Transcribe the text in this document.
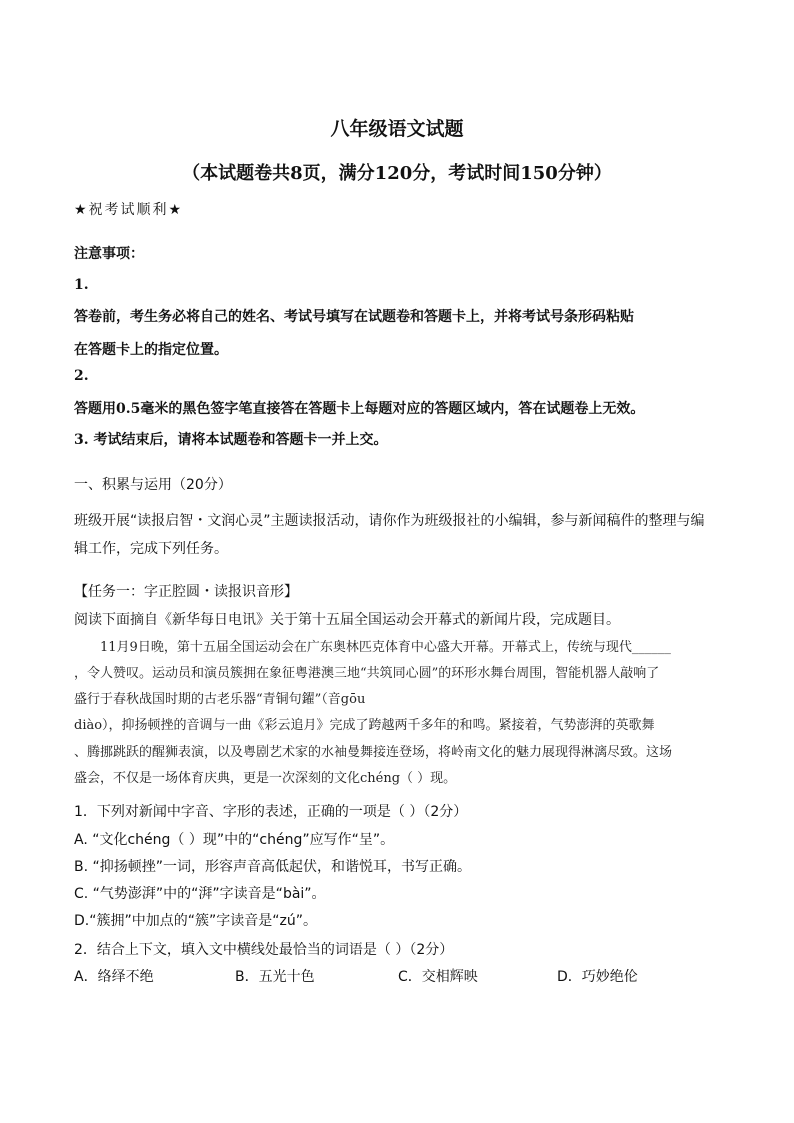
八年级语文试题
（本试题卷共8页，满分120分，考试时间150分钟）
★祝考试顺利★
注意事项：
1.
答卷前，考生务必将自己的姓名、考试号填写在试题卷和答题卡上，并将考试号条形码粘贴
在答题卡上的指定位置。
2.
答题用0.5毫米的黑色签字笔直接答在答题卡上每题对应的答题区域内，答在试题卷上无效。
3. 考试结束后，请将本试题卷和答题卡一并上交。
一、积累与运用（20分）
班级开展“读报启智・文润心灵”主题读报活动，请你作为班级报社的小编辑，参与新闻稿件的整理与编
辑工作，完成下列任务。
【任务一：字正腔圆・读报识音形】
阅读下面摘自《新华每日电讯》关于第十五届全国运动会开幕式的新闻片段，完成题目。
11月9日晚，第十五届全国运动会在广东奥林匹克体育中心盛大开幕。开幕式上，传统与现代______
，令人赞叹。运动员和演员簇拥在象征粤港澳三地“共筑同心圆”的环形水舞台周围，智能机器人敲响了
盛行于春秋战国时期的古老乐器“青铜句鑃”（音gōu
diào），抑扬顿挫的音调与一曲《彩云追月》完成了跨越两千多年的和鸣。紧接着，气势澎湃的英歌舞
、腾挪跳跃的醒狮表演，以及粤剧艺术家的水袖曼舞接连登场，将岭南文化的魅力展现得淋漓尽致。这场
盛会，不仅是一场体育庆典，更是一次深刻的文化chéng（ ）现。
1．下列对新闻中字音、字形的表述，正确的一项是（ ）（2分）
A. “文化chéng（ ）现”中的“chéng”应写作“呈”。
B. “抑扬顿挫”一词，形容声音高低起伏，和谐悦耳，书写正确。
C. “气势澎湃”中的“湃”字读音是“bài”。
D.“簇拥”中加点的“簇”字读音是“zú”。
2．结合上下文，填入文中横线处最恰当的词语是（ ）（2分）
A．络绎不绝	B．五光十色	C．交相辉映	D．巧妙绝伦
